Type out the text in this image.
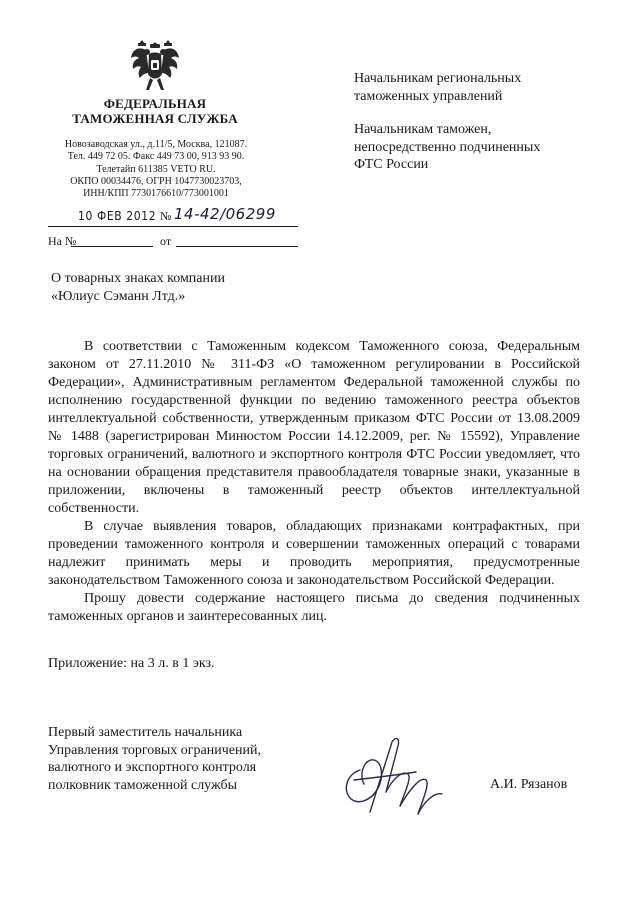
ФЕДЕРАЛЬНАЯ
ТАМОЖЕННАЯ СЛУЖБА
Новозаводская ул., д.11/5, Москва, 121087.
Тел. 449 72 05. Факс 449 73 00, 913 93 90.
Телетайп 611385 VETO RU.
ОКПО 00034476, ОГРН 1047730023703,
ИНН/КПП 7730176610/773001001
10 ФЕВ 2012 № 14-42/06299
На №	от
Начальникам региональных
таможенных управлений
Начальникам таможен,
непосредственно подчиненных
ФТС России
О товарных знаках компании
«Юлиус Сэманн Лтд.»

В соответствии с Таможенным кодексом Таможенного союза, Федеральным законом от 27.11.2010 № 311-ФЗ «О таможенном регулировании в Российской Федерации», Административным регламентом Федеральной таможенной службы по исполнению государственной функции по ведению таможенного реестра объектов интеллектуальной собственности, утвержденным приказом ФТС России от 13.08.2009 № 1488 (зарегистрирован Минюстом России 14.12.2009, рег. № 15592), Управление торговых ограничений, валютного и экспортного контроля ФТС России уведомляет, что на основании обращения представителя правообладателя товарные знаки, указанные в приложении, включены в таможенный реестр объектов интеллектуальной собственности.

В случае выявления товаров, обладающих признаками контрафактных, при проведении таможенного контроля и совершении таможенных операций с товарами надлежит принимать меры и проводить мероприятия, предусмотренные законодательством Таможенного союза и законодательством Российской Федерации.

Прошу довести содержание настоящего письма до сведения подчиненных таможенных органов и заинтересованных лиц.

Приложение: на 3 л. в 1 экз.
Первый заместитель начальника
Управления торговых ограничений,
валютного и экспортного контроля
полковник таможенной службы	А.И. Рязанов
